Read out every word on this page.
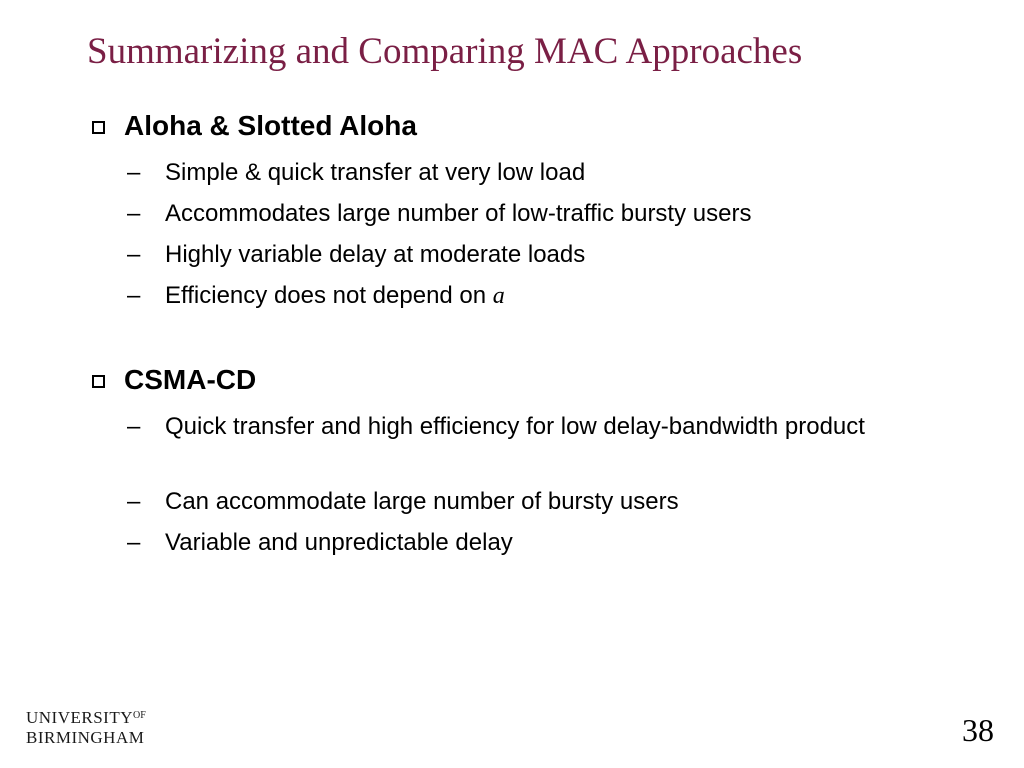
Summarizing and Comparing MAC Approaches
Aloha & Slotted Aloha
– Simple & quick transfer at very low load
– Accommodates large number of low-traffic bursty users
– Highly variable delay at moderate loads
– Efficiency does not depend on a
CSMA-CD
– Quick transfer and high efficiency for low delay-bandwidth product
– Can accommodate large number of bursty users
– Variable and unpredictable delay
$UNIVERSITY^{OF}$
BIRMINGHAM	38
